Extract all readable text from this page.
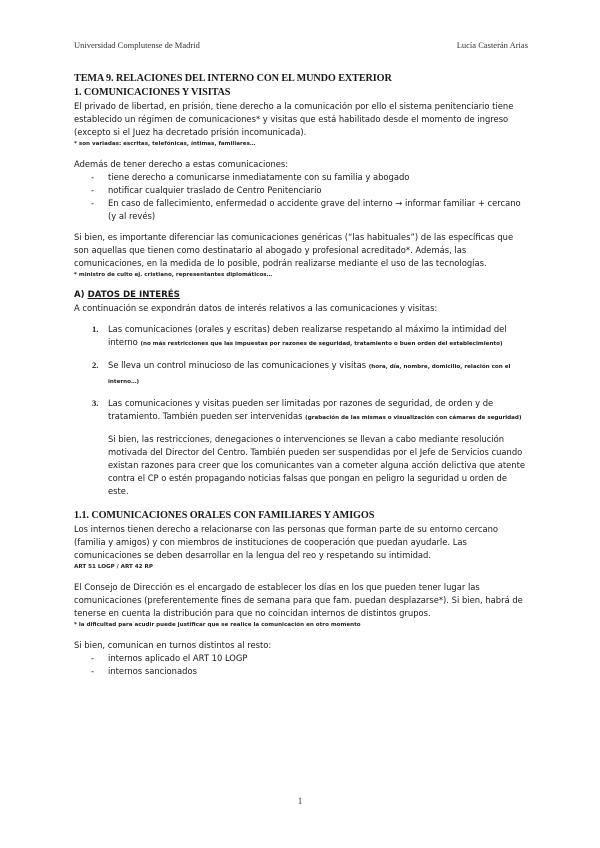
Universidad Complutense de Madrid	Lucía Casterán Arias
TEMA 9. RELACIONES DEL INTERNO CON EL MUNDO EXTERIOR
1. COMUNICACIONES Y VISITAS

El privado de libertad, en prisión, tiene derecho a la comunicación por ello el sistema penitenciario tiene establecido un régimen de comunicaciones* y visitas que está habilitado desde el momento de ingreso (excepto si el Juez ha decretado prisión incomunicada).

* son variadas: escritas, telefónicas, íntimas, familiares…

Además de tener derecho a estas comunicaciones:

- tiene derecho a comunicarse inmediatamente con su familia y abogado
- notificar cualquier traslado de Centro Penitenciario
- En caso de fallecimiento, enfermedad o accidente grave del interno → informar familiar + cercano (y al revés)

Si bien, es importante diferenciar las comunicaciones genéricas (“las habituales”) de las específicas que son aquellas que tienen como destinatario al abogado y profesional acreditado*. Además, las comunicaciones, en la medida de lo posible, podrán realizarse mediante el uso de las tecnologías.

* ministro de culto ej. cristiano, representantes diplomáticos…

A) DATOS DE INTERÉS

A continuación se expondrán datos de interés relativos a las comunicaciones y visitas:

1. Las comunicaciones (orales y escritas) deben realizarse respetando al máximo la intimidad del interno (no más restricciones que las impuestas por razones de seguridad, tratamiento o buen orden del establecimiento)
2. Se lleva un control minucioso de las comunicaciones y visitas (hora, día, nombre, domicilio, relación con el interno…)
3. Las comunicaciones y visitas pueden ser limitadas por razones de seguridad, de orden y de tratamiento. También pueden ser intervenidas (grabación de las mismas o visualización con cámaras de seguridad)

Si bien, las restricciones, denegaciones o intervenciones se llevan a cabo mediante resolución motivada del Director del Centro. También pueden ser suspendidas por el Jefe de Servicios cuando existan razones para creer que los comunicantes van a cometer alguna acción delictiva que atente contra el CP o estén propagando noticias falsas que pongan en peligro la seguridad u orden de este.

1.1. COMUNICACIONES ORALES CON FAMILIARES Y AMIGOS

Los internos tienen derecho a relacionarse con las personas que forman parte de su entorno cercano (familia y amigos) y con miembros de instituciones de cooperación que puedan ayudarle. Las comunicaciones se deben desarrollar en la lengua del reo y respetando su intimidad.

ART 51 LOGP / ART 42 RP

El Consejo de Dirección es el encargado de establecer los días en los que pueden tener lugar las comunicaciones (preferentemente fines de semana para que fam. puedan desplazarse*). Si bien, habrá de tenerse en cuenta la distribución para que no coincidan internos de distintos grupos.

* la dificultad para acudir puede justificar que se realice la comunicación en otro momento

Si bien, comunican en turnos distintos al resto:

- internos aplicado el ART 10 LOGP
- internos sancionados
1
